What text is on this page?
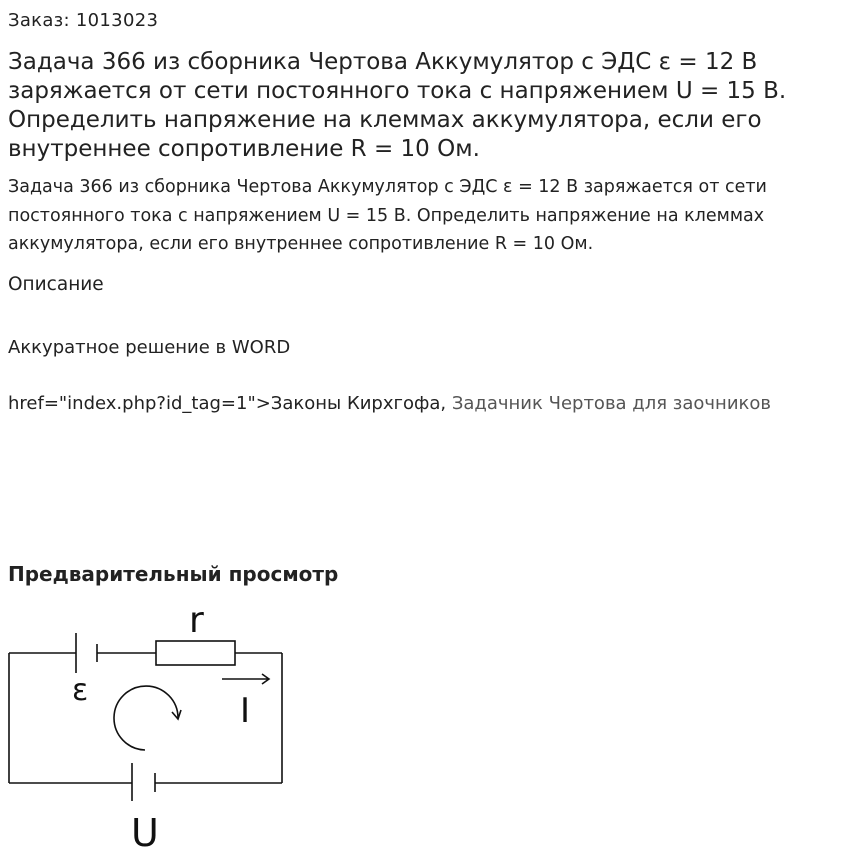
Заказ: 1013023
Задача 366 из сборника Чертова Аккумулятор с ЭДС ε = 12 В заряжается от сети постоянного тока с напряжением U = 15 В. Определить напряжение на клеммах аккумулятора, если его внутреннее сопротивление R = 10 Ом.

Задача 366 из сборника Чертова Аккумулятор с ЭДС ε = 12 В заряжается от сети постоянного тока с напряжением U = 15 В. Определить напряжение на клеммах аккумулятора, если его внутреннее сопротивление R = 10 Ом.

Описание
Аккуратное решение в WORD
href="index.php?id_tag=1">Законы Кирхгофа, Задачник Чертова для заочников
Предварительный просмотр
r
ε
I
U
